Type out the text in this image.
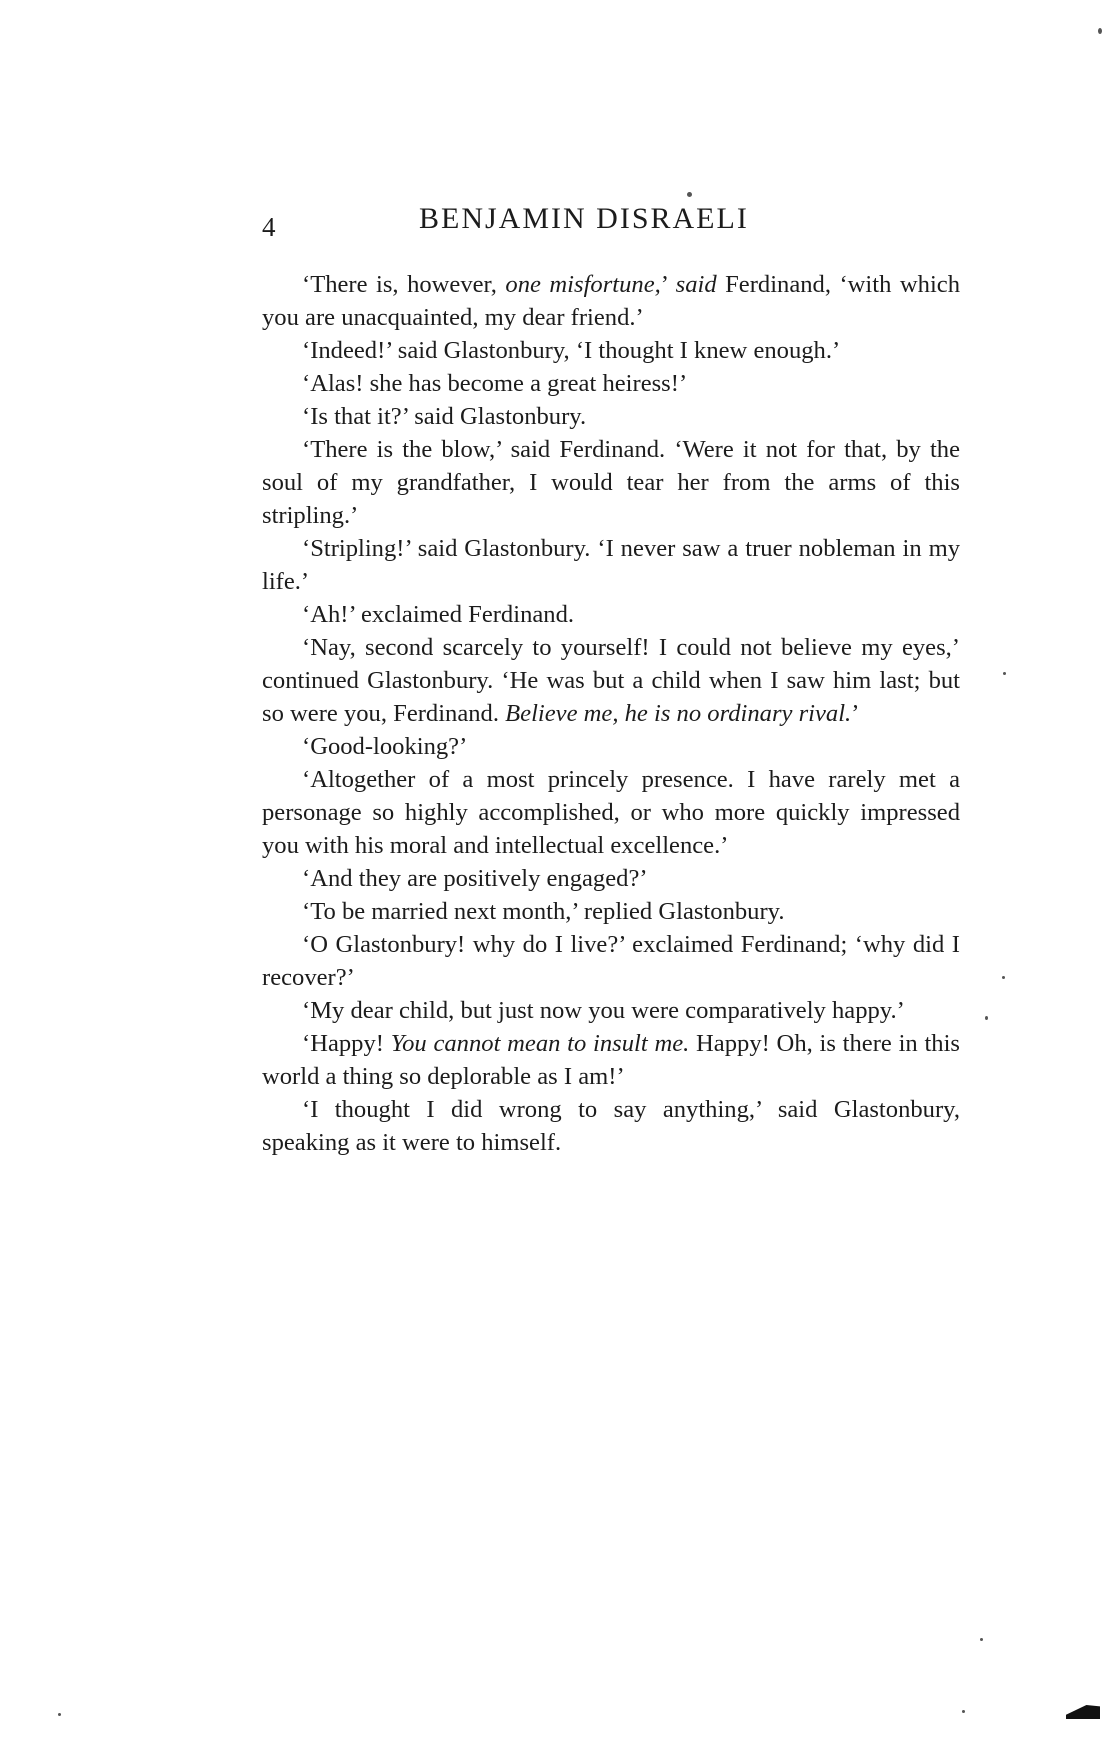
4	BENJAMIN DISRAELI

‘There is, however, one misfortune,’ said Ferdinand, ‘with which you are unacquainted, my dear friend.’

‘Indeed!’ said Glastonbury, ‘I thought I knew enough.’

‘Alas! she has become a great heiress!’

‘Is that it?’ said Glastonbury.

‘There is the blow,’ said Ferdinand. ‘Were it not for that, by the soul of my grandfather, I would tear her from the arms of this stripling.’

‘Stripling!’ said Glastonbury. ‘I never saw a truer nobleman in my life.’

‘Ah!’ exclaimed Ferdinand.

‘Nay, second scarcely to yourself! I could not believe my eyes,’ continued Glastonbury. ‘He was but a child when I saw him last; but so were you, Ferdinand. Believe me, he is no ordinary rival.’

‘Good-looking?’

‘Altogether of a most princely presence. I have rarely met a personage so highly accomplished, or who more quickly impressed you with his moral and intellectual excellence.’

‘And they are positively engaged?’

‘To be married next month,’ replied Glastonbury.

‘O Glastonbury! why do I live?’ exclaimed Ferdinand; ‘why did I recover?’

‘My dear child, but just now you were comparatively happy.’

‘Happy! You cannot mean to insult me. Happy! Oh, is there in this world a thing so deplorable as I am!’

‘I thought I did wrong to say anything,’ said Glastonbury, speaking as it were to himself.
